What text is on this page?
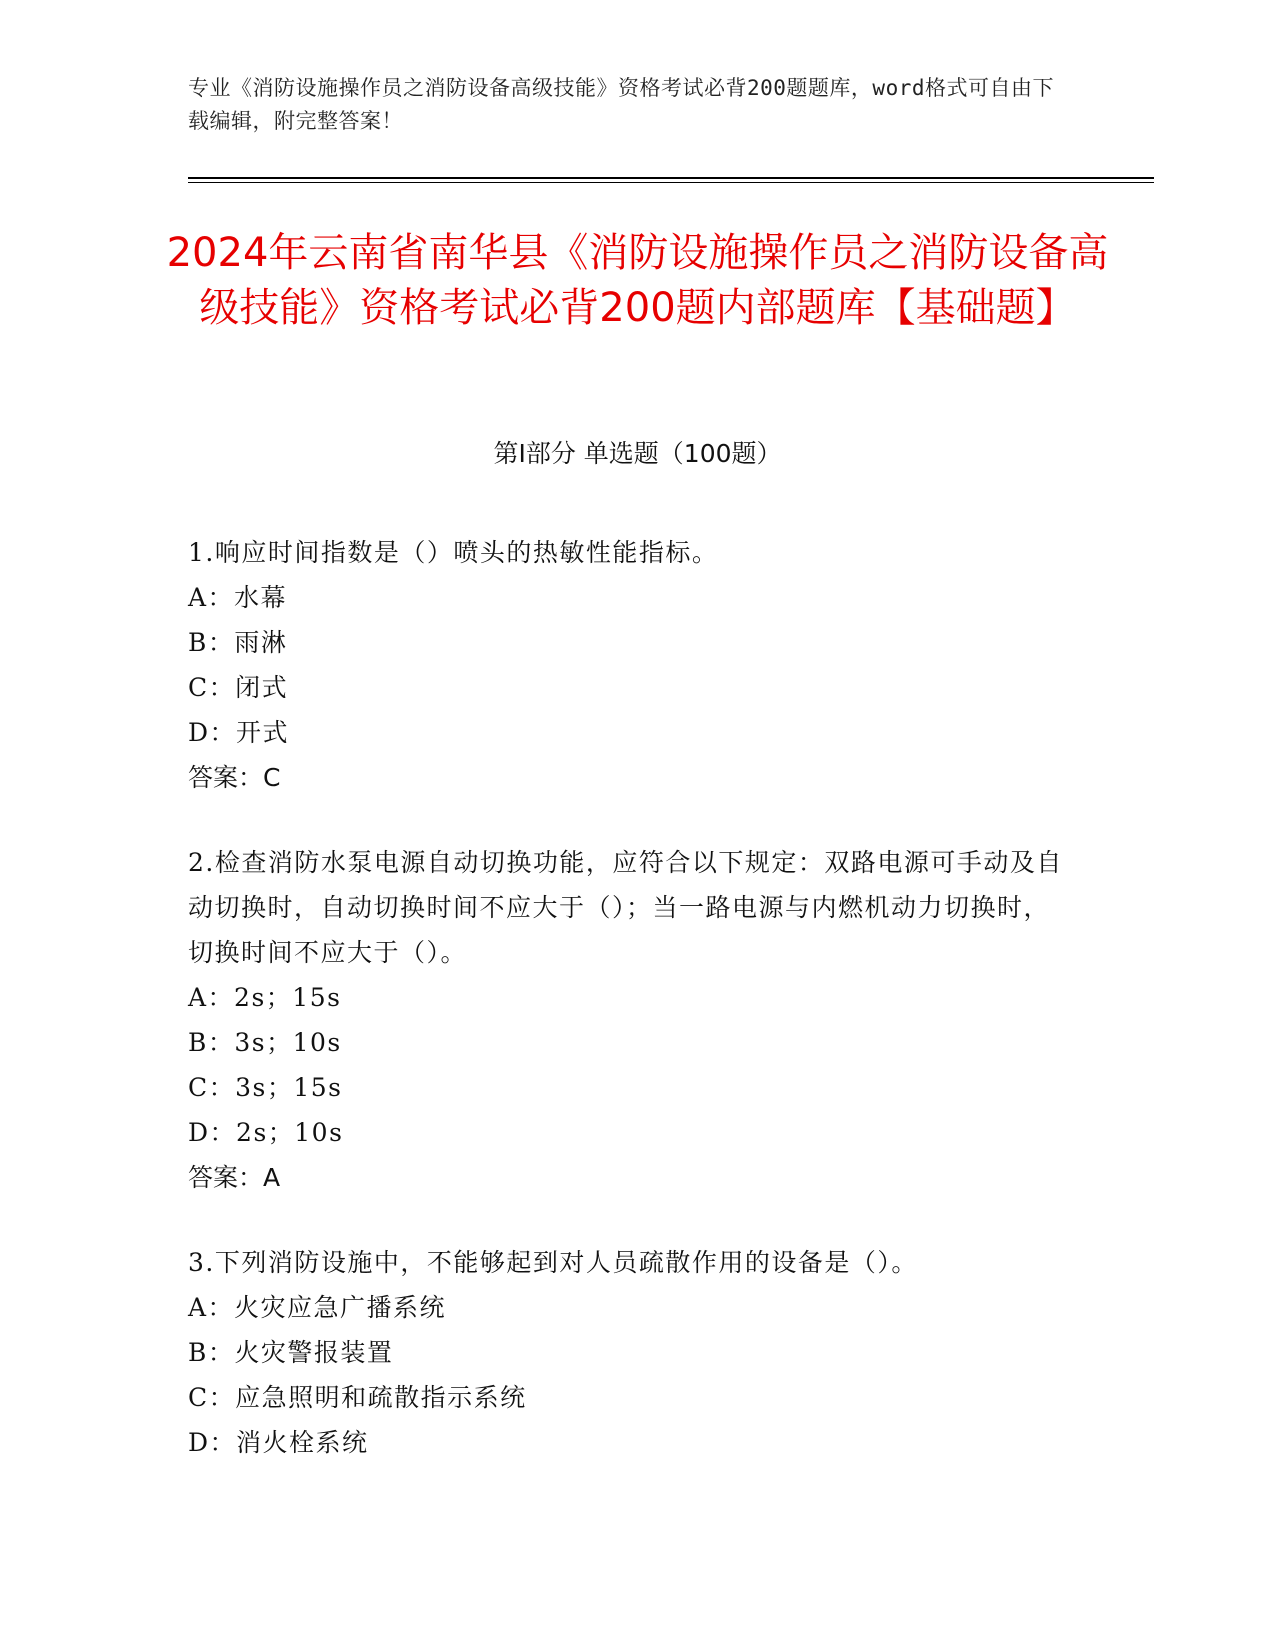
专业《消防设施操作员之消防设备高级技能》资格考试必背200题题库，word格式可自由下载编辑，附完整答案！
2024年云南省南华县《消防设施操作员之消防设备高级技能》资格考试必背200题内部题库【基础题】
第Ⅰ部分 单选题（100题）
1.响应时间指数是（）喷头的热敏性能指标。
A：水幕
B：雨淋
C：闭式
D：开式
答案：C
2.检查消防水泵电源自动切换功能，应符合以下规定：双路电源可手动及自动切换时，自动切换时间不应大于（）；当一路电源与内燃机动力切换时，切换时间不应大于（）。
A：2s；15s
B：3s；10s
C：3s；15s
D：2s；10s
答案：A
3.下列消防设施中，不能够起到对人员疏散作用的设备是（）。
A：火灾应急广播系统
B：火灾警报装置
C：应急照明和疏散指示系统
D：消火栓系统
